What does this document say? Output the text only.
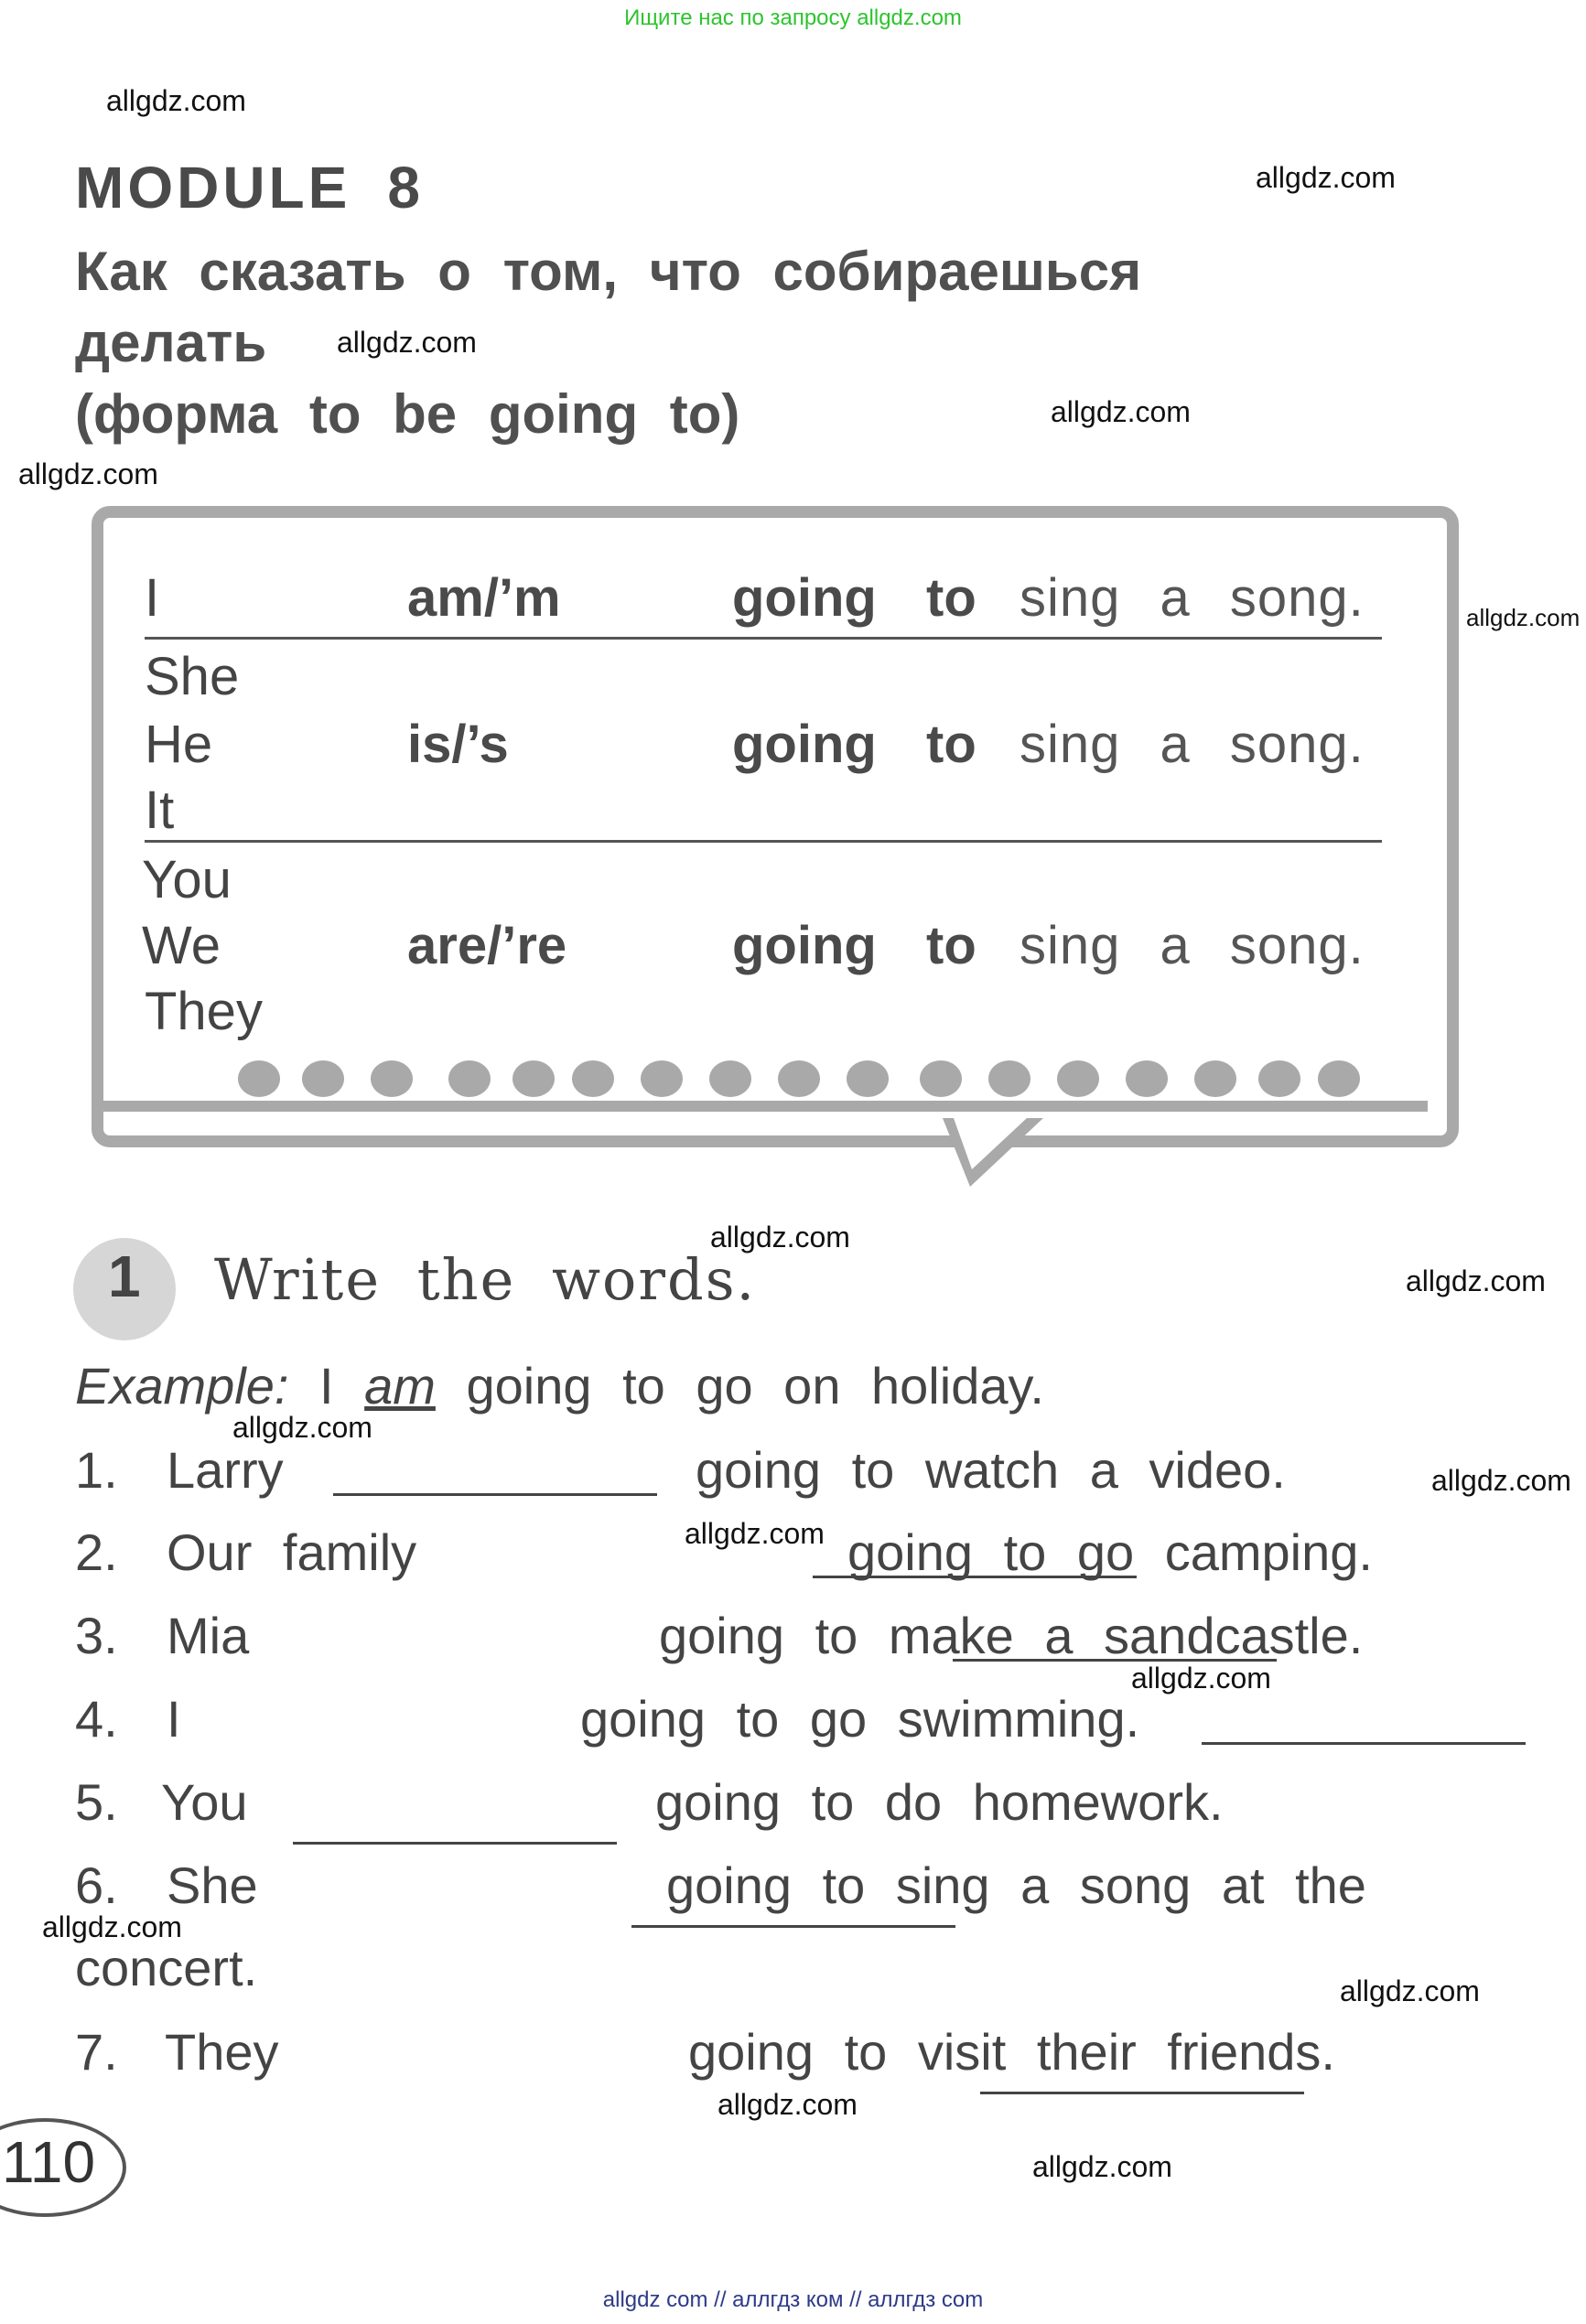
Ищите нас по запросу allgdz.com
allgdz com // аллгдз ком // аллгдз com
allgdz.com
allgdz.com
allgdz.com
allgdz.com
allgdz.com
allgdz.com
allgdz.com
allgdz.com
allgdz.com
allgdz.com
allgdz.com
allgdz.com
allgdz.com
allgdz.com
allgdz.com
allgdz.com
MODULE 8
Как сказать о том, что собираешься
делать
(форма to be going to)
I	am/’m	going to sing a song.
She
He
It
is/’s	going to sing a song.
You
We
They
are/’re	going to sing a song.
1 Write the words.
Example: I am going to go on holiday.
1. Larry
	going to watch a video.
2. Our family
	going to go camping.
3. Mia
	going to make a sandcastle.
4. I
	going to go swimming.
5. You
	going to do homework.
6. She
	going to sing a song at the
concert.
7. They	going to visit their friends.
110
